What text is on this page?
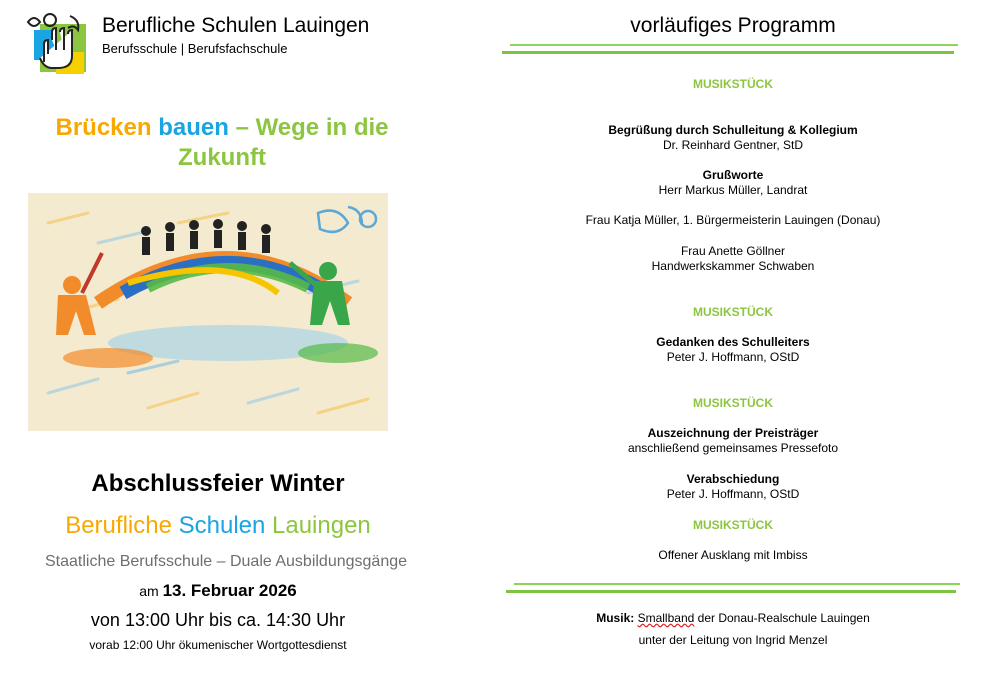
Berufliche Schulen Lauingen
Berufsschule | Berufsfachschule
Brücken bauen – Wege in die Zukunft
Abschlussfeier Winter
Berufliche Schulen Lauingen
Staatliche Berufsschule – Duale Ausbildungsgänge
am 13. Februar 2026
von 13:00 Uhr bis ca. 14:30 Uhr
vorab 12:00 Uhr ökumenischer Wortgottesdienst
vorläufiges Programm
MUSIKSTÜCK
Begrüßung durch Schulleitung & Kollegium
Dr. Reinhard Gentner, StD
Grußworte
Herr Markus Müller, Landrat
Frau Katja Müller, 1. Bürgermeisterin Lauingen (Donau)
Frau Anette Göllner
Handwerkskammer Schwaben
MUSIKSTÜCK
Gedanken des Schulleiters
Peter J. Hoffmann, OStD
MUSIKSTÜCK
Auszeichnung der Preisträger
anschließend gemeinsames Pressefoto
Verabschiedung
Peter J. Hoffmann, OStD
MUSIKSTÜCK
Offener Ausklang mit Imbiss
Musik: Smallband der Donau-Realschule Lauingen
unter der Leitung von Ingrid Menzel
